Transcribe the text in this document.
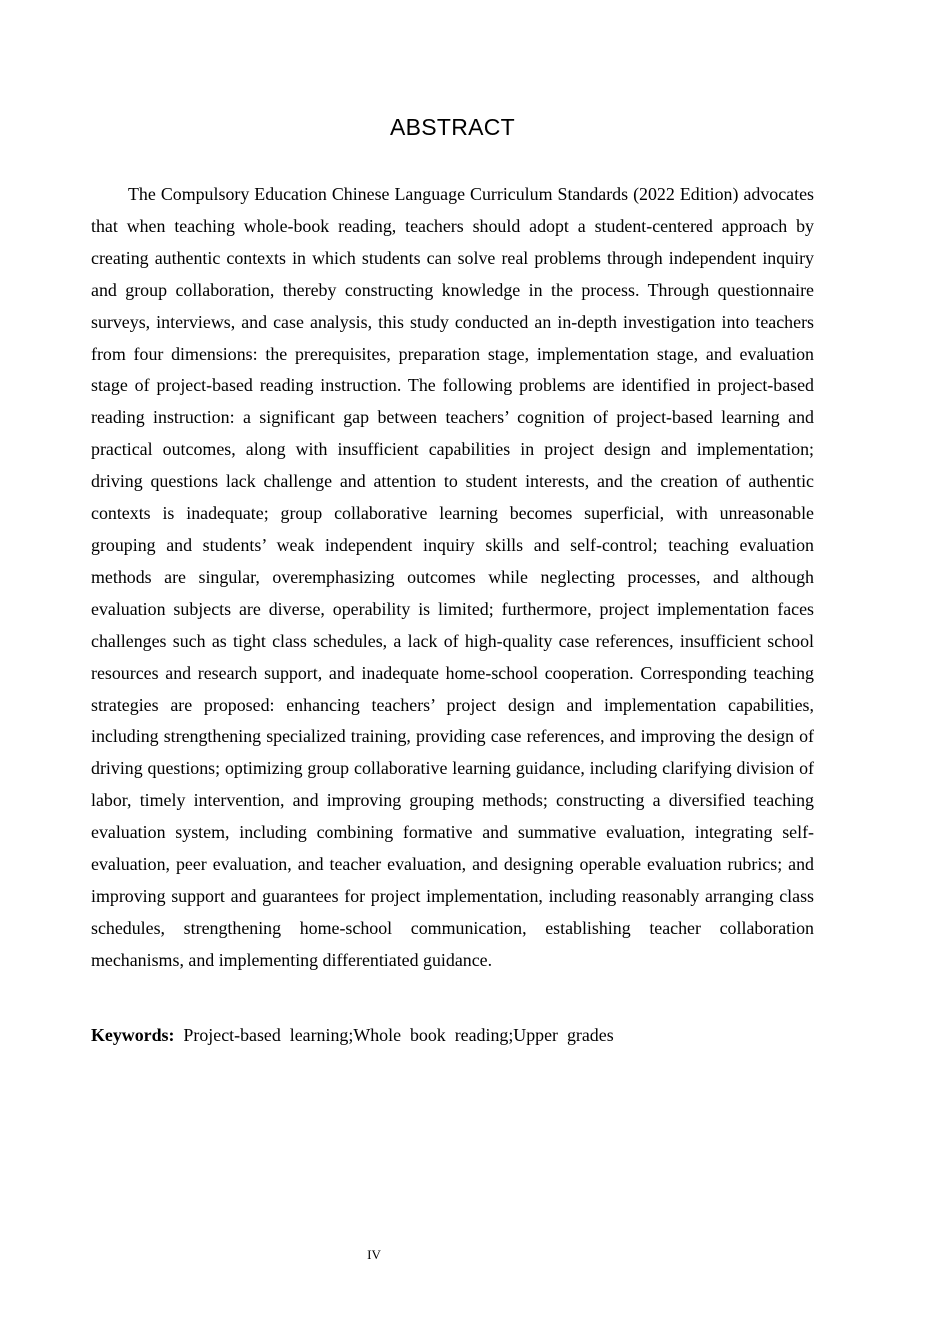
ABSTRACT

The Compulsory Education Chinese Language Curriculum Standards (2022 Edition) advocates that when teaching whole-book reading, teachers should adopt a student-centered approach by creating authentic contexts in which students can solve real problems through independent inquiry and group collaboration, thereby constructing knowledge in the process. Through questionnaire surveys, interviews, and case analysis, this study conducted an in-depth investigation into teachers from four dimensions: the prerequisites, preparation stage, implementation stage, and evaluation stage of project-based reading instruction. The following problems are identified in project-based reading instruction: a significant gap between teachers’ cognition of project-based learning and practical outcomes, along with insufficient capabilities in project design and implementation; driving questions lack challenge and attention to student interests, and the creation of authentic contexts is inadequate; group collaborative learning becomes superficial, with unreasonable grouping and students’ weak independent inquiry skills and self-control; teaching evaluation methods are singular, overemphasizing outcomes while neglecting processes, and although evaluation subjects are diverse, operability is limited; furthermore, project implementation faces challenges such as tight class schedules, a lack of high-quality case references, insufficient school resources and research support, and inadequate home-school cooperation. Corresponding teaching strategies are proposed: enhancing teachers’ project design and implementation capabilities, including strengthening specialized training, providing case references, and improving the design of driving questions; optimizing group collaborative learning guidance, including clarifying division of labor, timely intervention, and improving grouping methods; constructing a diversified teaching evaluation system, including combining formative and summative evaluation, integrating self-evaluation, peer evaluation, and teacher evaluation, and designing operable evaluation rubrics; and improving support and guarantees for project implementation, including reasonably arranging class schedules, strengthening home-school communication, establishing teacher collaboration mechanisms, and implementing differentiated guidance.

Keywords:  Project-based  learning;Whole  book  reading;Upper  grades

IV
